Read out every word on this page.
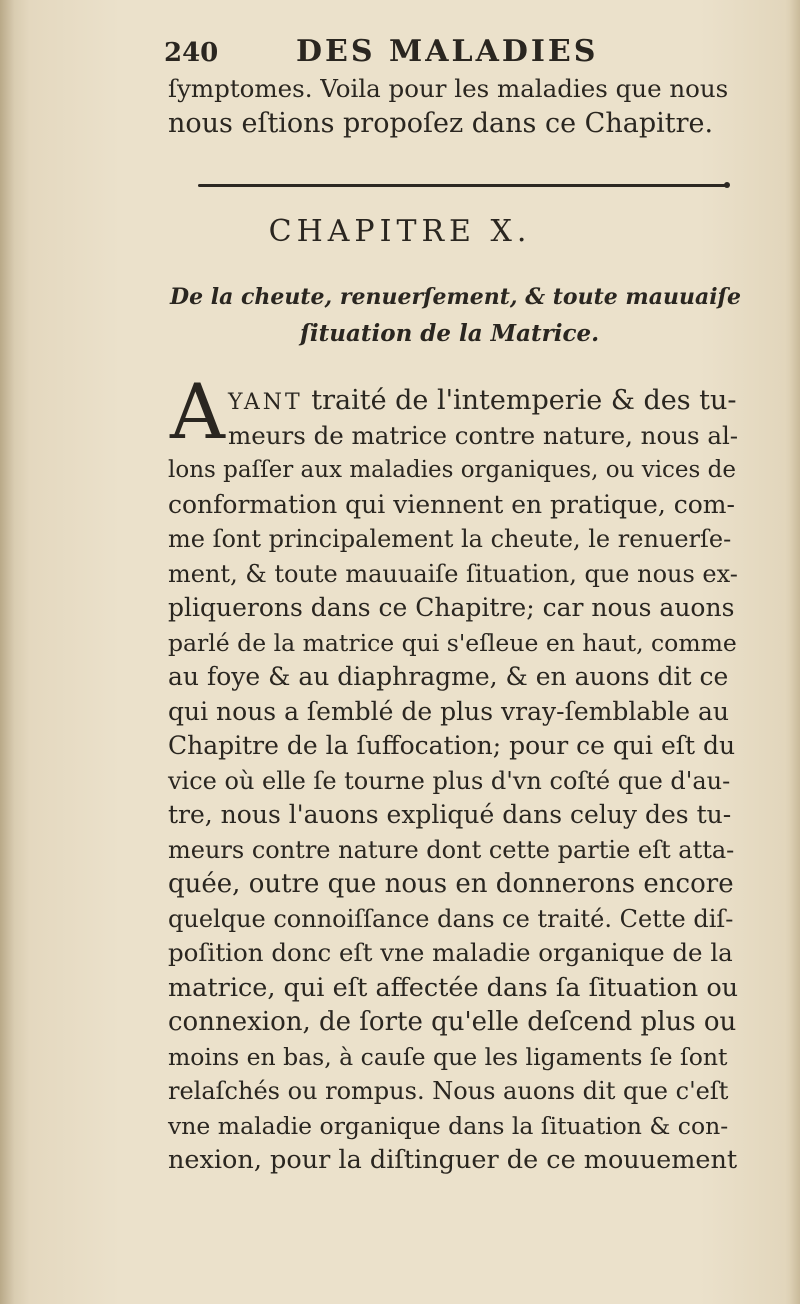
240	DES MALADIES
ſymptomes. Voila pour les maladies que nous
nous eſtions propoſez dans ce Chapitre.
CHAPITRE X.
De la cheute, renuerſement, & toute mauuaiſe
ſituation de la Matrice.
A YANT traité de l'intemperie & des tu-
meurs de matrice contre nature, nous al-
lons paſſer aux maladies organiques, ou vices de
conformation qui viennent en pratique, com-
me ſont principalement la cheute, le renuerſe-
ment, & toute mauuaiſe ſituation, que nous ex-
pliquerons dans ce Chapitre; car nous auons
parlé de la matrice qui s'eſleue en haut, comme
au foye & au diaphragme, & en auons dit ce
qui nous a ſemblé de plus vray-ſemblable au
Chapitre de la ſuffocation; pour ce qui eſt du
vice où elle ſe tourne plus d'vn coſté que d'au-
tre, nous l'auons expliqué dans celuy des tu-
meurs contre nature dont cette partie eſt atta-
quée, outre que nous en donnerons encore
quelque connoiſſance dans ce traité. Cette diſ-
poſition donc eſt vne maladie organique de la
matrice, qui eſt affectée dans ſa ſituation ou
connexion, de ſorte qu'elle deſcend plus ou
moins en bas, à cauſe que les ligaments ſe ſont
relaſchés ou rompus. Nous auons dit que c'eſt
vne maladie organique dans la ſituation & con-
nexion, pour la diſtinguer de ce mouuement
